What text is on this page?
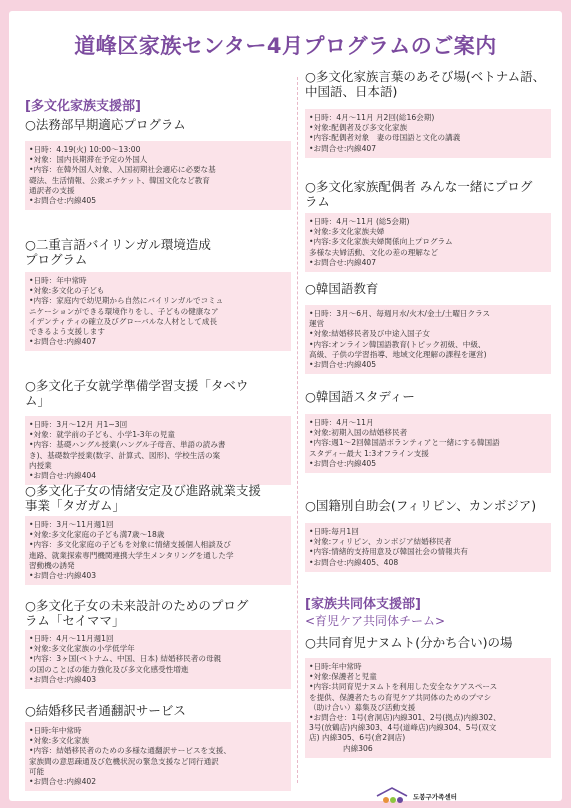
道峰区家族センター4月プログラムのご案内
[多文化家族支援部]
○法務部早期適応プログラム
•日時：4.19(火) 10:00～13:00
•対象：国内長期滞在予定の外国人
•内容：在韓外国人対象、入国初期社会適応に必要な基
礎法、生活情報、公衆エチケット、韓国文化など教育
通訳者の支援
•お問合せ:内線405
○二重言語バイリンガル環境造成
プログラム
•日時：年中常時
•対象:多文化の子ども
•内容：家庭内で幼児期から自然にバイリンガルでコミュ
ニケーションができる環境作りをし、子どもの健康なア
イデンティティの確立及びグローバルな人材として成長
できるよう支援します
•お問合せ:内線407
○多文化子女就学準備学習支援「タベウ
ム」
•日時：3月～12月 月1~3回
•対象：就学前の子ども、小学1-3年の児童
•内容：基礎ハングル授業(ハングル子母音、単語の読み書
き)、基礎数学授業(数字、計算式、図形)、学校生活の案
内授業
•お問合せ:内線404
○多文化子女の情緒安定及び進路就業支援
事業「タガガム」
•日時：3月～11月週1回
•対象:多文化家庭の子ども満7歳～18歳
•内容：多文化家庭の子どもを対象に情緒支援個人相談及び
進路、就業探索専門機関連携大学生メンタリングを通した学
習動機の誘発
•お問合せ:内線403
○多文化子女の未来設計のためのプログ
ラム「セイママ」
•日時：4月～11月週1回
•対象:多文化家族の小学低学年
•内容：3ヶ国(ベトナム、中国、日本) 結婚移民者の母親
の国のことばの能力強化及び多文化感受性増進
•お問合せ:内線403
○結婚移民者通翻訳サービス
•日時:年中常時
•対象:多文化家族
•内容：結婚移民者のための多様な通翻訳サービスを支援、
家族間の意思疎通及び危機状況の緊急支援など同行通訳
可能
•お問合せ:内線402
○多文化家族言葉のあそび場(ベトナム語、
中国語、日本語)
•日時：4月～11月 月2回(総16会期)
•対象:配偶者及び多文化家族
•内容:配偶者対象　妻の母国語と文化の講義
•お問合せ:内線407
○多文化家族配偶者 みんな一緒にプログ
ラム
•日時：4月～11月 (総5会期)
•対象:多文化家族夫婦
•内容:多文化家族夫婦関係向上プログラム
多様な夫婦活動、文化の差の理解など
•お問合せ:内線407
○韓国語教育
•日時：3月～6月、毎週月水/火木/金土/土曜日クラス
運営
•対象:結婚移民者及び中途入国子女
•内容:オンライン韓国語教育(トピック初級、中級、
高級、子供の学習指導、地域文化理解の課程を運営)
•お問合せ:内線405
○韓国語スタディー
•日時：4月～11月
•対象:初期入国の結婚移民者
•内容:週1～2回韓国語ボランティアと一緒にする韓国語
スタディー最大 1:3オフライン支援
•お問合せ:内線405
○国籍別自助会(フィリピン、カンボジア)
•日時:毎月1回
•対象:フィリピン、カンボジア結婚移民者
•内容:情緒的支持用意及び韓国社会の情報共有
•お問合せ:内線405、408
[家族共同体支援部]
<育児ケア共同体チーム>
○共同育児ナヌムト(分かち合い)の場
•日時:年中常時
•対象:保護者と児童
•内容:共同育児ナヌムトを利用した安全なケアスペース
を提供、保護者たちの育児ケア共同体のためのプマシ
（助け合い）募集及び活動支援
•お問合せ：1号(倉洞店)内線301、2号(拠点)内線302、
3号(放鶴店)内線303、4号(道峰店)内線304、5号(双文
店) 内線305、6号(倉2洞店)
内線306
도봉구가족센터
